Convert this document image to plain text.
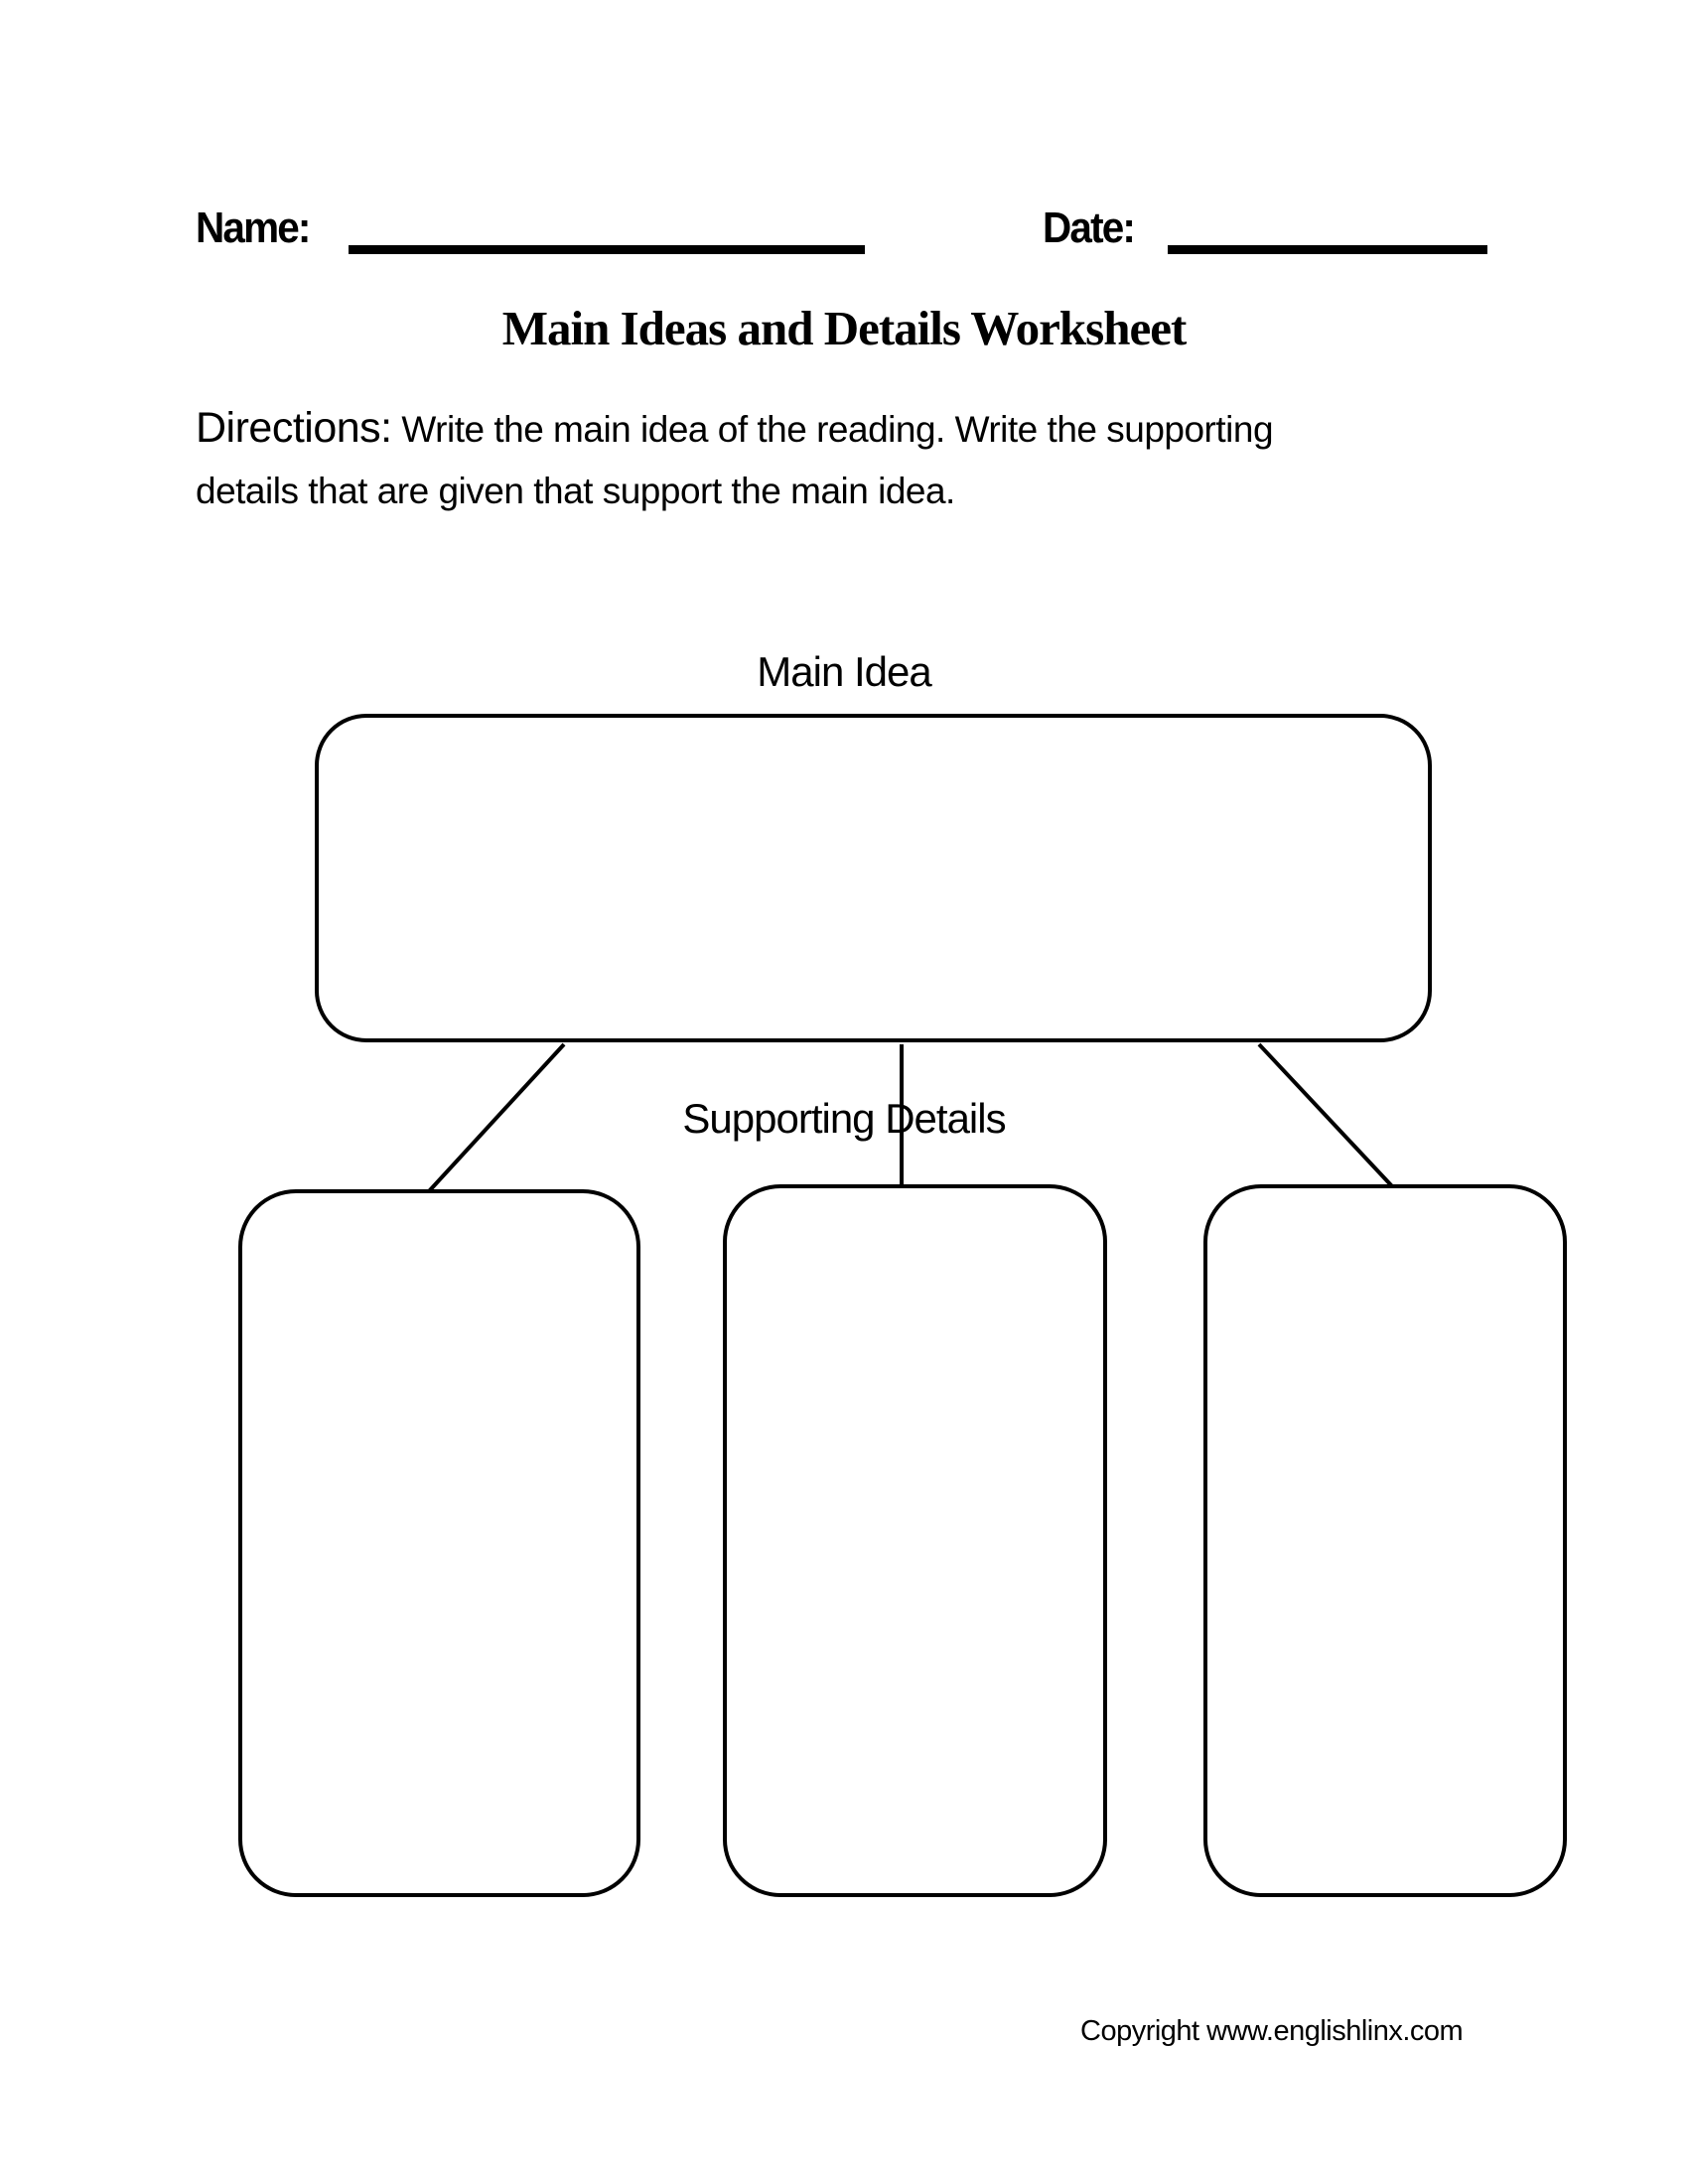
Name:	Date:
Main Ideas and Details Worksheet
Directions: Write the main idea of the reading. Write the supporting
details that are given that support the main idea.
Main Idea
Supporting Details
Copyright www.englishlinx.com
